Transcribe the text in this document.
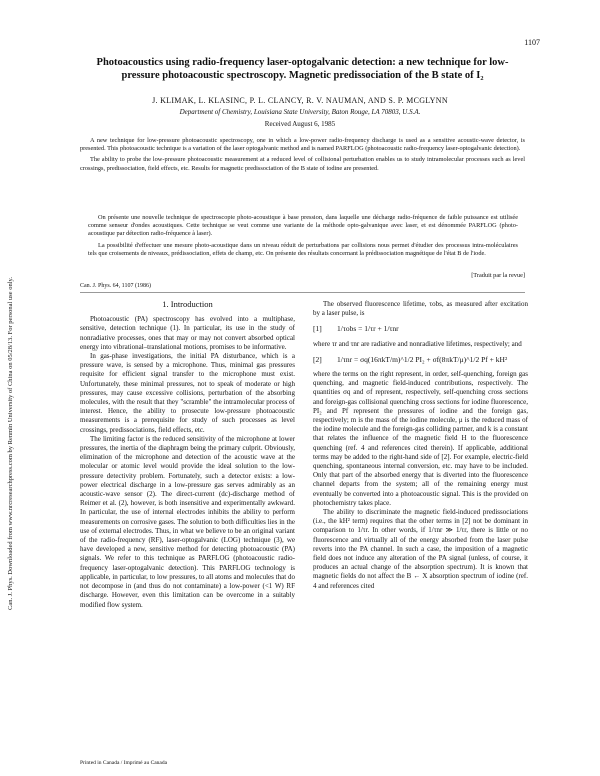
1107
Photoacoustics using radio-frequency laser-optogalvanic detection: a new technique for low-pressure photoacoustic spectroscopy. Magnetic predissociation of the B state of I₂
J. KLIMAK, L. KLASINC, P. L. CLANCY, R. V. NAUMAN, AND S. P. MCGLYNN
Department of Chemistry, Louisiana State University, Baton Rouge, LA 70803, U.S.A.
Received August 6, 1985

A new technique for low-pressure photoacoustic spectroscopy, one in which a low-power radio-frequency discharge is used as a sensitive acoustic-wave detector, is presented. This photoacoustic technique is a variation of the laser optogalvanic method and is named PARFLOG (photoacoustic radio-frequency laser-optogalvanic detection).

The ability to probe the low-pressure photoacoustic measurement at a reduced level of collisional perturbation enables us to study intramolecular processes such as level crossings, predissociation, field effects, etc. Results for magnetic predissociation of the B state of iodine are presented.

On présente une nouvelle technique de spectroscopie photo-acoustique à base pression, dans laquelle une décharge radio-fréquence de faible puissance est utilisée comme senseur d'ondes acoustiques. Cette technique se veut comme une variante de la méthode opto-galvanique avec laser, et est dénommée PARFLOG (photo-acoustique par détection radio-fréquence à laser).

La possibilité d'effectuer une mesure photo-acoustique dans un niveau réduit de perturbations par collisions nous permet d'étudier des processus intra-moléculaires tels que croisements de niveaux, prédissociation, effets de champ, etc. On présente des résultats concernant la prédissociation magnétique de l'état B de l'iode.

[Traduit par la revue]
Can. J. Phys. 64, 1107 (1986)
1. Introduction

Photoacoustic (PA) spectroscopy has evolved into a multiphase, sensitive, detection technique (1). In particular, its use in the study of nonradiative processes, ones that may or may not convert absorbed optical energy into vibrational–translational motions, promises to be informative.

In gas-phase investigations, the initial PA disturbance, which is a pressure wave, is sensed by a microphone. Thus, minimal gas pressures requisite for efficient signal transfer to the microphone must exist. Unfortunately, these minimal pressures, not to speak of moderate or high pressures, may cause excessive collisions, perturbation of the absorbing molecules, with the result that they "scramble" the intramolecular process of interest. Hence, the ability to prosecute low-pressure photoacoustic measurements is a prerequisite for study of such processes as level crossings, predissociations, field effects, etc.

The limiting factor is the reduced sensitivity of the microphone at lower pressures, the inertia of the diaphragm being the primary culprit. Obviously, elimination of the microphone and detection of the acoustic wave at the molecular or atomic level would provide the ideal solution to the low-pressure detectivity problem. Fortunately, such a detector exists: a low-power electrical discharge in a low-pressure gas serves admirably as an acoustic-wave sensor (2). The direct-current (dc)-discharge method of Reimer et al. (2), however, is both insensitive and experimentally awkward. In particular, the use of internal electrodes inhibits the ability to perform measurements on corrosive gases. The solution to both difficulties lies in the use of external electrodes. Thus, in what we believe to be an original variant of the radio-frequency (RF), laser-optogalvanic (LOG) technique (3), we have developed a new, sensitive method for detecting photoacoustic (PA) signals. We refer to this technique as PARFLOG (photoacoustic radio-frequency laser-optogalvanic detection). This PARFLOG technology is applicable, in particular, to low pressures, to all atoms and molecules that do not decompose in (and thus do not contaminate) a low-power (<1 W) RF discharge. However, even this limitation can be overcome in a suitably modified flow system.

The observed fluorescence lifetime, τobs, as measured after excitation by a laser pulse, is

[1]	1/τobs = 1/τr + 1/τnr

where τr and τnr are radiative and nonradiative lifetimes, respectively; and

[2]	1/τnr = σq(16πkT/m)^1/2 PI₂ + σf(8πkT/μ)^1/2 Pf + kH²

where the terms on the right represent, in order, self-quenching, foreign gas quenching, and magnetic field-induced contributions, respectively. The quantities σq and σf represent, respectively, self-quenching cross sections and foreign-gas collisional quenching cross sections for iodine fluorescence, PI₂ and Pf represent the pressures of iodine and the foreign gas, respectively; m is the mass of the iodine molecule, μ is the reduced mass of the iodine molecule and the foreign-gas colliding partner, and k is a constant that relates the influence of the magnetic field H to the fluorescence quenching (ref. 4 and references cited therein). If applicable, additional terms may be added to the right-hand side of [2]. For example, electric-field quenching, spontaneous internal conversion, etc. may have to be included. Only that part of the absorbed energy that is diverted into the fluorescence channel departs from the system; all of the remaining energy must eventually be converted into a photoacoustic signal. This is the provided on photochemistry takes place.

The ability to discriminate the magnetic field-induced predissociations (i.e., the kH² term) requires that the other terms in [2] not be dominant in comparison to 1/τr. In other words, if 1/τnr ≫ 1/τr, there is little or no fluorescence and virtually all of the energy absorbed from the laser pulse reverts into the PA channel. In such a case, the imposition of a magnetic field does not induce any alteration of the PA signal (unless, of course, it produces an actual change of the absorption spectrum). It is known that magnetic fields do not affect the B ← X absorption spectrum of iodine (ref. 4 and references cited

Printed in Canada / Imprimé au Canada
Can. J. Phys. Downloaded from www.nrcresearchpress.com by Renmin University of China on 05/28/13. For personal use only.
